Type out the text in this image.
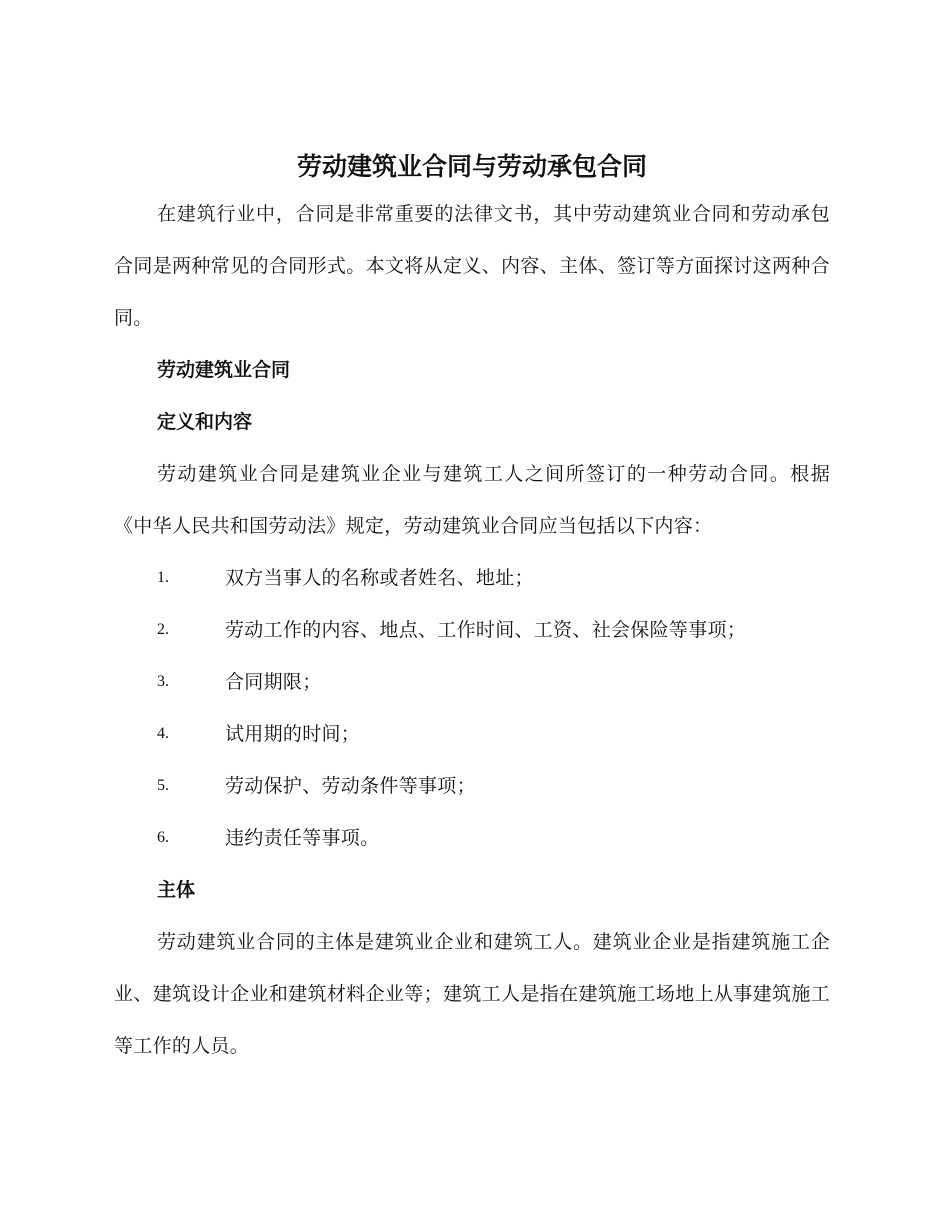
劳动建筑业合同与劳动承包合同

在建筑行业中，合同是非常重要的法律文书，其中劳动建筑业合同和劳动承包合同是两种常见的合同形式。本文将从定义、内容、主体、签订等方面探讨这两种合同。

劳动建筑业合同
定义和内容

劳动建筑业合同是建筑业企业与建筑工人之间所签订的一种劳动合同。根据《中华人民共和国劳动法》规定，劳动建筑业合同应当包括以下内容：

1.	双方当事人的名称或者姓名、地址；
2.	劳动工作的内容、地点、工作时间、工资、社会保险等事项；
3.	合同期限；
4.	试用期的时间；
5.	劳动保护、劳动条件等事项；
6.	违约责任等事项。
主体

劳动建筑业合同的主体是建筑业企业和建筑工人。建筑业企业是指建筑施工企业、建筑设计企业和建筑材料企业等；建筑工人是指在建筑施工场地上从事建筑施工等工作的人员。
